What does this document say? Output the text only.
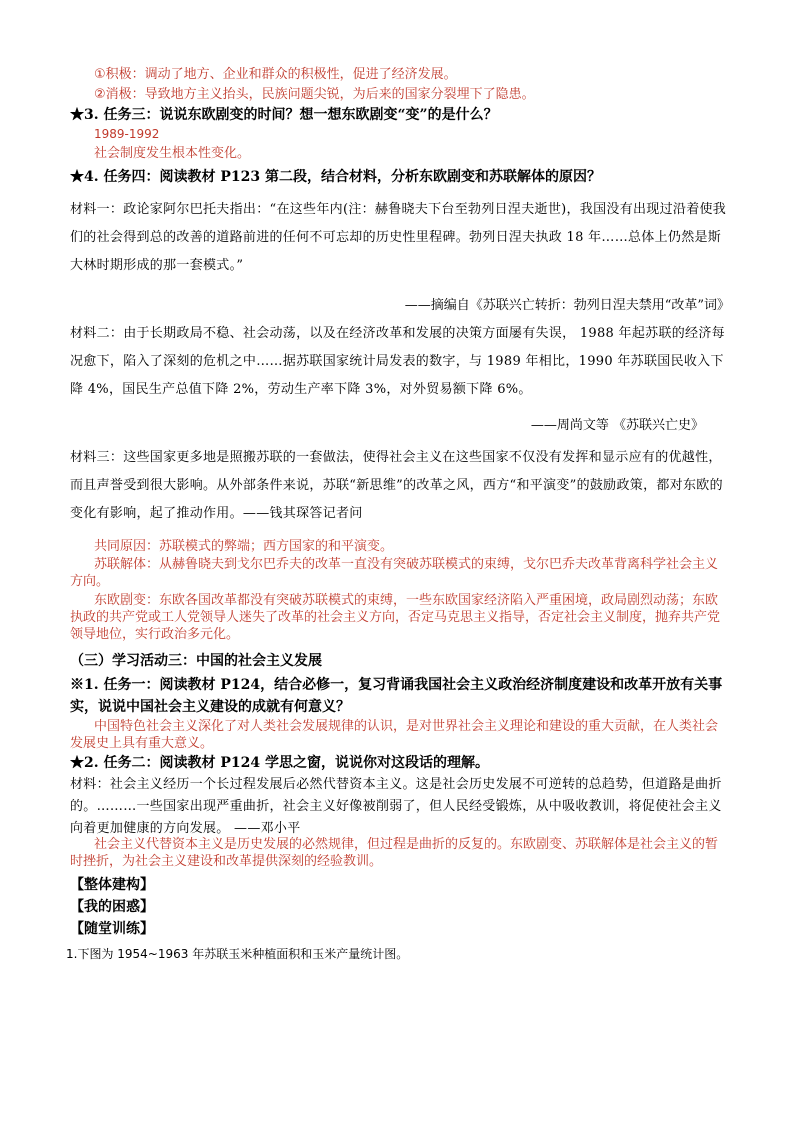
①积极：调动了地方、企业和群众的积极性，促进了经济发展。

②消极：导致地方主义抬头，民族问题尖锐，为后来的国家分裂埋下了隐患。

★3. 任务三：说说东欧剧变的时间？想一想东欧剧变“变”的是什么？

1989-1992

社会制度发生根本性变化。

★4. 任务四：阅读教材 P123 第二段，结合材料，分析东欧剧变和苏联解体的原因？

材料一：政论家阿尔巴托夫指出：“在这些年内(注：赫鲁晓夫下台至勃列日涅夫逝世)，我国没有出现过沿着使我们的社会得到总的改善的道路前进的任何不可忘却的历史性里程碑。勃列日涅夫执政 18 年……总体上仍然是斯大林时期形成的那一套模式。”

——摘编自《苏联兴亡转折：勃列日涅夫禁用“改革”词》

材料二：由于长期政局不稳、社会动荡，以及在经济改革和发展的决策方面屡有失误， 1988 年起苏联的经济每况愈下，陷入了深刻的危机之中……据苏联国家统计局发表的数字，与 1989 年相比，1990 年苏联国民收入下降 4%，国民生产总值下降 2%，劳动生产率下降 3%，对外贸易额下降 6%。

——周尚文等 《苏联兴亡史》

材料三：这些国家更多地是照搬苏联的一套做法，使得社会主义在这些国家不仅没有发挥和显示应有的优越性，而且声誉受到很大影响。从外部条件来说，苏联“新思维”的改革之风，西方“和平演变”的鼓励政策，都对东欧的变化有影响，起了推动作用。——钱其琛答记者问

共同原因：苏联模式的弊端；西方国家的和平演变。

苏联解体：从赫鲁晓夫到戈尔巴乔夫的改革一直没有突破苏联模式的束缚，戈尔巴乔夫改革背离科学社会主义方向。

东欧剧变：东欧各国改革都没有突破苏联模式的束缚，一些东欧国家经济陷入严重困境，政局剧烈动荡；东欧执政的共产党或工人党领导人迷失了改革的社会主义方向，否定马克思主义指导，否定社会主义制度，抛弃共产党领导地位，实行政治多元化。

（三）学习活动三：中国的社会主义发展

※1. 任务一：阅读教材 P124，结合必修一，复习背诵我国社会主义政治经济制度建设和改革开放有关事实，说说中国社会主义建设的成就有何意义？

中国特色社会主义深化了对人类社会发展规律的认识，是对世界社会主义理论和建设的重大贡献，在人类社会发展史上具有重大意义。

★2. 任务二：阅读教材 P124 学思之窗，说说你对这段话的理解。

材料：社会主义经历一个长过程发展后必然代替资本主义。这是社会历史发展不可逆转的总趋势，但道路是曲折的。………一些国家出现严重曲折，社会主义好像被削弱了，但人民经受锻炼，从中吸收教训，将促使社会主义向着更加健康的方向发展。 ——邓小平

社会主义代替资本主义是历史发展的必然规律，但过程是曲折的反复的。东欧剧变、苏联解体是社会主义的暂时挫折，为社会主义建设和改革提供深刻的经验教训。

【整体建构】

【我的困惑】

【随堂训练】

1.下图为 1954~1963 年苏联玉米种植面积和玉米产量统计图。
